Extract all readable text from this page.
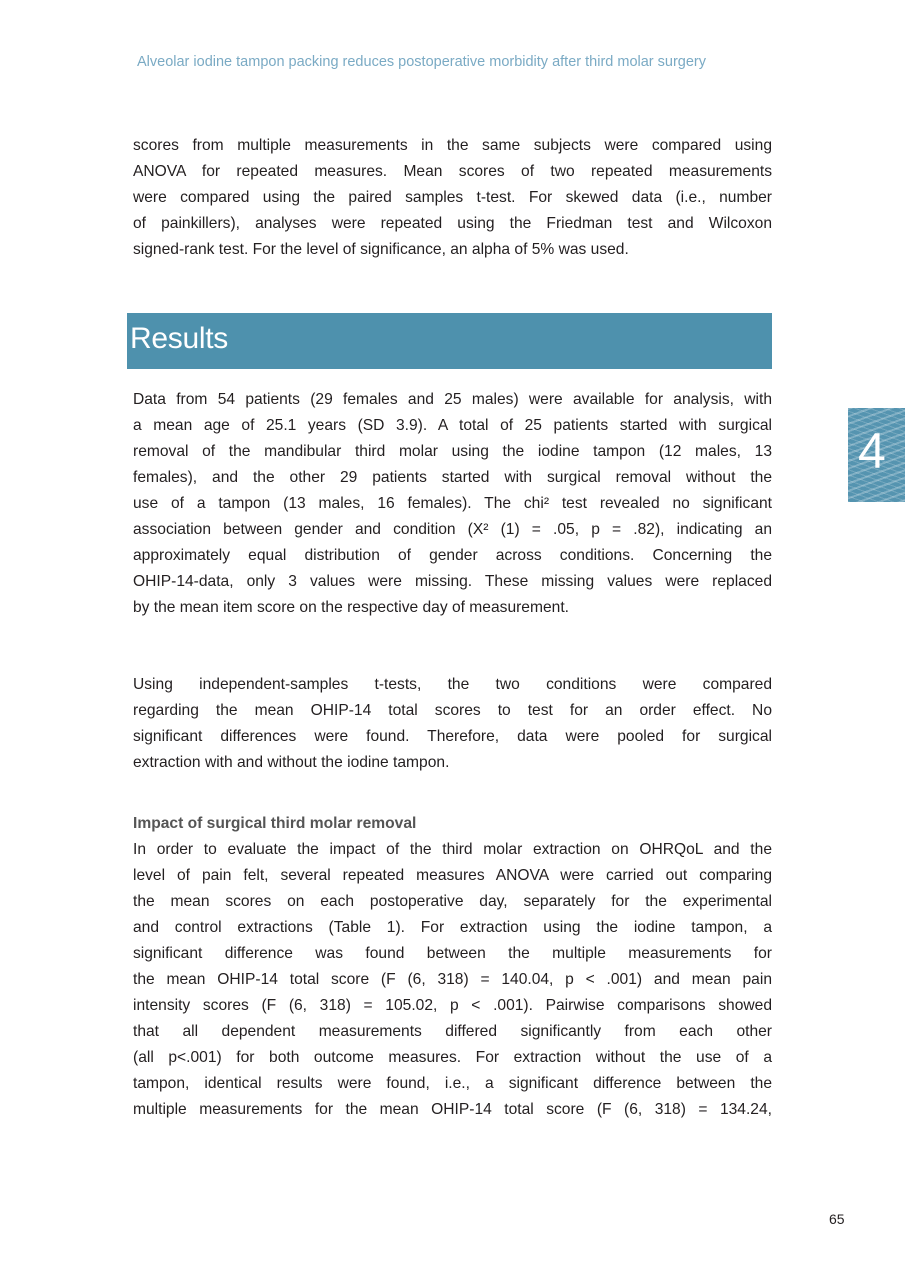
Alveolar iodine tampon packing reduces postoperative morbidity after third molar surgery
scores from multiple measurements in the same subjects were compared using
ANOVA for repeated measures. Mean scores of two repeated measurements
were compared using the paired samples t-test. For skewed data (i.e., number
of painkillers), analyses were repeated using the Friedman test and Wilcoxon
signed-rank test. For the level of significance, an alpha of 5% was used.
Results
Data from 54 patients (29 females and 25 males) were available for analysis, with
a mean age of 25.1 years (SD 3.9). A total of 25 patients started with surgical
removal of the mandibular third molar using the iodine tampon (12 males, 13
females), and the other 29 patients started with surgical removal without the
use of a tampon (13 males, 16 females). The chi² test revealed no significant
association between gender and condition (X² (1) = .05, p = .82), indicating an
approximately equal distribution of gender across conditions. Concerning the
OHIP-14-data, only 3 values were missing. These missing values were replaced
by the mean item score on the respective day of measurement.
Using independent-samples t-tests, the two conditions were compared
regarding the mean OHIP-14 total scores to test for an order effect. No
significant differences were found. Therefore, data were pooled for surgical
extraction with and without the iodine tampon.
Impact of surgical third molar removal
In order to evaluate the impact of the third molar extraction on OHRQoL and the
level of pain felt, several repeated measures ANOVA were carried out comparing
the mean scores on each postoperative day, separately for the experimental
and control extractions (Table 1). For extraction using the iodine tampon, a
significant difference was found between the multiple measurements for
the mean OHIP-14 total score (F (6, 318) = 140.04, p < .001) and mean pain
intensity scores (F (6, 318) = 105.02, p < .001). Pairwise comparisons showed
that all dependent measurements differed significantly from each other
(all p<.001) for both outcome measures. For extraction without the use of a
tampon, identical results were found, i.e., a significant difference between the
multiple measurements for the mean OHIP-14 total score (F (6, 318) = 134.24,
4
65
